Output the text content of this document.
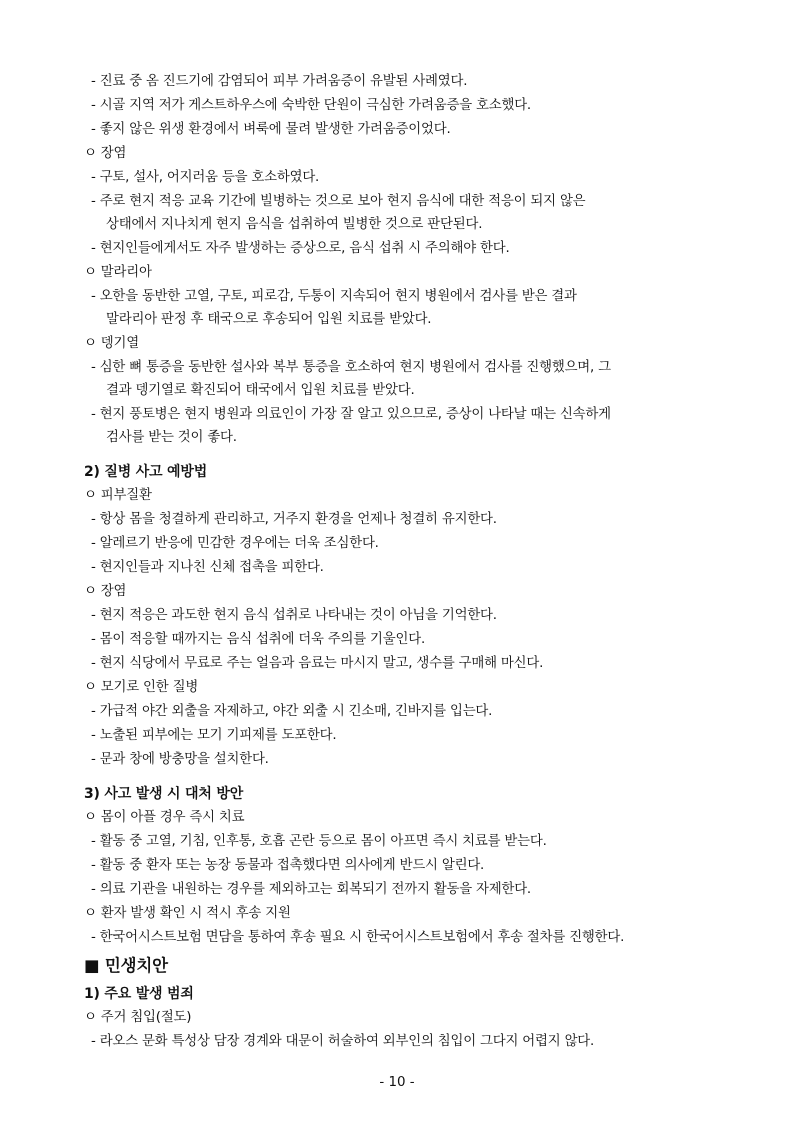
- 진료 중 옴 진드기에 감염되어 피부 가려움증이 유발된 사례였다.
- 시골 지역 저가 게스트하우스에 숙박한 단원이 극심한 가려움증을 호소했다.
- 좋지 않은 위생 환경에서 벼룩에 물려 발생한 가려움증이었다.
ㅇ 장염
- 구토, 설사, 어지러움 등을 호소하였다.
- 주로 현지 적응 교육 기간에 빌병하는 것으로 보아 현지 음식에 대한 적응이 되지 않은
상태에서 지나치게 현지 음식을 섭취하여 빌병한 것으로 판단된다.
- 현지인들에게서도 자주 발생하는 증상으로, 음식 섭취 시 주의해야 한다.
ㅇ 말라리아
- 오한을 동반한 고열, 구토, 피로감, 두통이 지속되어 현지 병원에서 검사를 받은 결과
말라리아 판정 후 태국으로 후송되어 입원 치료를 받았다.
ㅇ 뎅기열
- 심한 뼈 통증을 동반한 설사와 복부 통증을 호소하여 현지 병원에서 검사를 진행했으며, 그
결과 뎅기열로 확진되어 태국에서 입원 치료를 받았다.
- 현지 풍토병은 현지 병원과 의료인이 가장 잘 알고 있으므로, 증상이 나타날 때는 신속하게
검사를 받는 것이 좋다.
2) 질병 사고 예방법
ㅇ 피부질환
- 항상 몸을 청결하게 관리하고, 거주지 환경을 언제나 청결히 유지한다.
- 알레르기 반응에 민감한 경우에는 더욱 조심한다.
- 현지인들과 지나친 신체 접촉을 피한다.
ㅇ 장염
- 현지 적응은 과도한 현지 음식 섭취로 나타내는 것이 아님을 기억한다.
- 몸이 적응할 때까지는 음식 섭취에 더욱 주의를 기울인다.
- 현지 식당에서 무료로 주는 얼음과 음료는 마시지 말고, 생수를 구매해 마신다.
ㅇ 모기로 인한 질병
- 가급적 야간 외출을 자제하고, 야간 외출 시 긴소매, 긴바지를 입는다.
- 노출된 피부에는 모기 기피제를 도포한다.
- 문과 창에 방충망을 설치한다.
3) 사고 발생 시 대처 방안
ㅇ 몸이 아플 경우 즉시 치료
- 활동 중 고열, 기침, 인후통, 호흡 곤란 등으로 몸이 아프면 즉시 치료를 받는다.
- 활동 중 환자 또는 농장 동물과 접촉했다면 의사에게 반드시 알린다.
- 의료 기관을 내원하는 경우를 제외하고는 회복되기 전까지 활동을 자제한다.
ㅇ 환자 발생 확인 시 적시 후송 지원
- 한국어시스트보험 면담을 통하여 후송 필요 시 한국어시스트보험에서 후송 절차를 진행한다.
■ 민생치안
1) 주요 발생 범죄
ㅇ 주거 침입(절도)
- 라오스 문화 특성상 담장 경계와 대문이 허술하여 외부인의 침입이 그다지 어렵지 않다.
- 10 -
